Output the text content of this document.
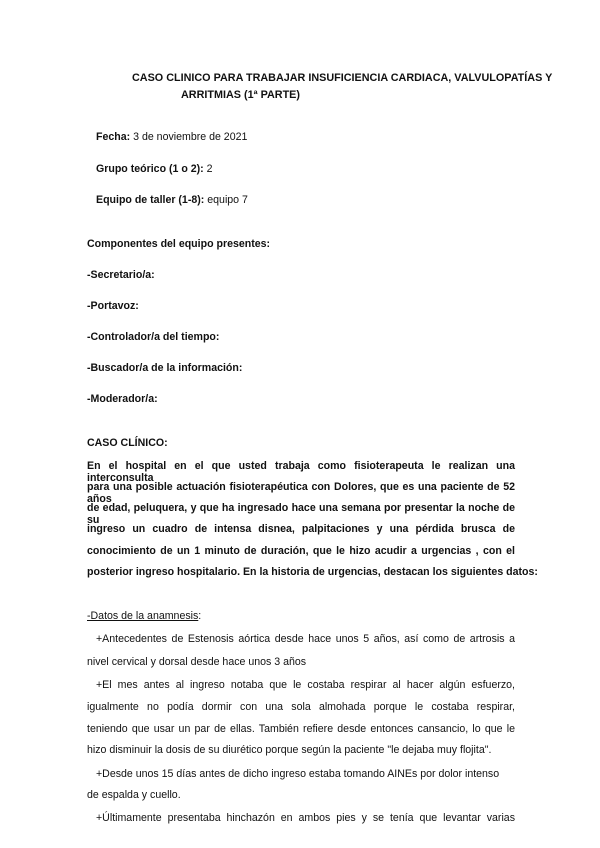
CASO CLINICO PARA TRABAJAR INSUFICIENCIA CARDIACA, VALVULOPATÍAS Y
ARRITMIAS (1ª PARTE)
Fecha: 3 de noviembre de 2021
Grupo teórico (1 o 2): 2
Equipo de taller (1-8): equipo 7
Componentes del equipo presentes:
-Secretario/a:
-Portavoz:
-Controlador/a del tiempo:
-Buscador/a de la información:
-Moderador/a:
CASO CLÍNICO:
En el hospital en el que usted trabaja como fisioterapeuta le realizan una interconsulta
para una posible actuación fisioterapéutica con Dolores, que es una paciente de 52 años
de edad, peluquera, y que ha ingresado hace una semana por presentar la noche de su
ingreso un cuadro de intensa disnea, palpitaciones y una pérdida brusca de
conocimiento de un 1 minuto de duración, que le hizo acudir a urgencias , con el
posterior ingreso hospitalario. En la historia de urgencias, destacan los siguientes datos:
-Datos de la anamnesis:
+Antecedentes de Estenosis aórtica desde hace unos 5 años, así como de artrosis a
nivel cervical y dorsal desde hace unos 3 años
+El mes antes al ingreso notaba que le costaba respirar al hacer algún esfuerzo,
igualmente no podía dormir con una sola almohada porque le costaba respirar,
teniendo que usar un par de ellas. También refiere desde entonces cansancio, lo que le
hizo disminuir la dosis de su diurético porque según la paciente "le dejaba muy flojita".
+Desde unos 15 días antes de dicho ingreso estaba tomando AINEs por dolor intenso
de espalda y cuello.
+Últimamente presentaba hinchazón en ambos pies y se tenía que levantar varias
